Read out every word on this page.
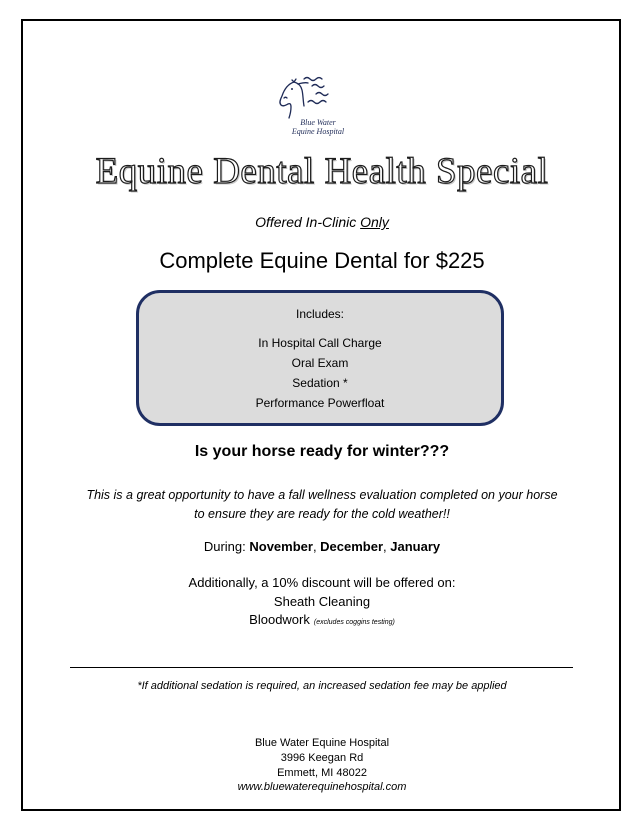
Blue Water
Equine Hospital
Equine Dental Health Special
Offered In-Clinic Only
Complete Equine Dental for $225
Includes:
In Hospital Call Charge
Oral Exam
Sedation *
Performance Powerfloat
Is your horse ready for winter???
This is a great opportunity to have a fall wellness evaluation completed on your horse to ensure they are ready for the cold weather!!
During: November, December, January
Additionally, a 10% discount will be offered on:
Sheath Cleaning
Bloodwork (excludes coggins testing)
*If additional sedation is required, an increased sedation fee may be applied
Blue Water Equine Hospital
3996 Keegan Rd
Emmett, MI 48022
www.bluewaterequinehospital.com
